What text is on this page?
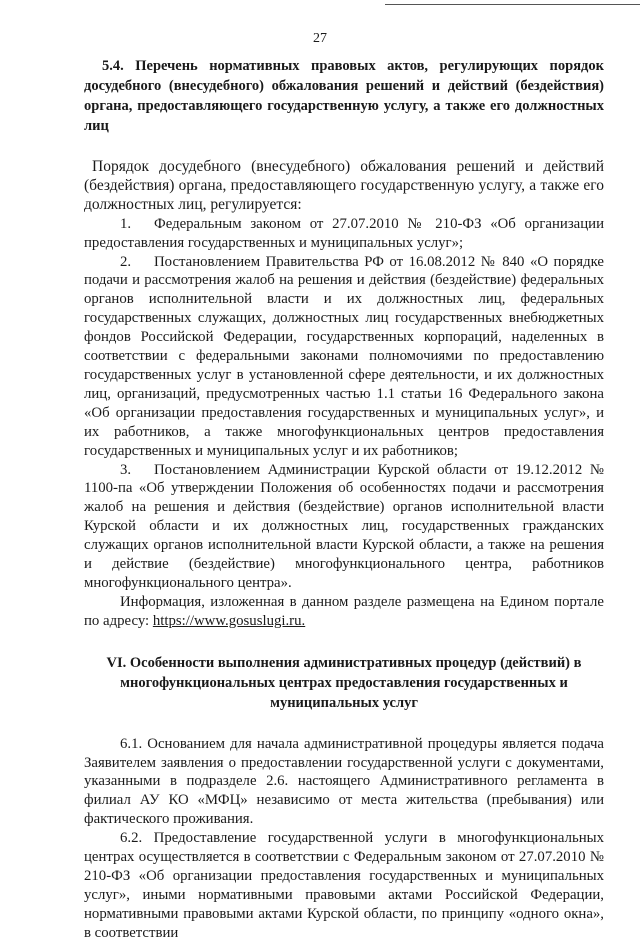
27
5.4. Перечень нормативных правовых актов, регулирующих порядок досудебного (внесудебного) обжалования решений и действий (бездействия) органа, предоставляющего государственную услугу, а также его должностных лиц

Порядок досудебного (внесудебного) обжалования решений и действий (бездействия) органа, предоставляющего государственную услугу, а также его должностных лиц, регулируется:

1. Федеральным законом от 27.07.2010 № 210-ФЗ «Об организации предоставления государственных и муниципальных услуг»;

2. Постановлением Правительства РФ от 16.08.2012 № 840 «О порядке подачи и рассмотрения жалоб на решения и действия (бездействие) федеральных органов исполнительной власти и их должностных лиц, федеральных государственных служащих, должностных лиц государственных внебюджетных фондов Российской Федерации, государственных корпораций, наделенных в соответствии с федеральными законами полномочиями по предоставлению государственных услуг в установленной сфере деятельности, и их должностных лиц, организаций, предусмотренных частью 1.1 статьи 16 Федерального закона «Об организации предоставления государственных и муниципальных услуг», и их работников, а также многофункциональных центров предоставления государственных и муниципальных услуг и их работников;

3. Постановлением Администрации Курской области от 19.12.2012 № 1100-па «Об утверждении Положения об особенностях подачи и рассмотрения жалоб на решения и действия (бездействие) органов исполнительной власти Курской области и их должностных лиц, государственных гражданских служащих органов исполнительной власти Курской области, а также на решения и действие (бездействие) многофункционального центра, работников многофункционального центра».

Информация, изложенная в данном разделе размещена на Едином портале по адресу: https://www.gosuslugi.ru.

VI. Особенности выполнения административных процедур (действий) в многофункциональных центрах предоставления государственных и муниципальных услуг

6.1. Основанием для начала административной процедуры является подача Заявителем заявления о предоставлении государственной услуги с документами, указанными в подразделе 2.6. настоящего Административного регламента в филиал АУ КО «МФЦ» независимо от места жительства (пребывания) или фактического проживания.

6.2. Предоставление государственной услуги в многофункциональных центрах осуществляется в соответствии с Федеральным законом от 27.07.2010 № 210-ФЗ «Об организации предоставления государственных и муниципальных услуг», иными нормативными правовыми актами Российской Федерации, нормативными правовыми актами Курской области, по принципу «одного окна», в соответствии
